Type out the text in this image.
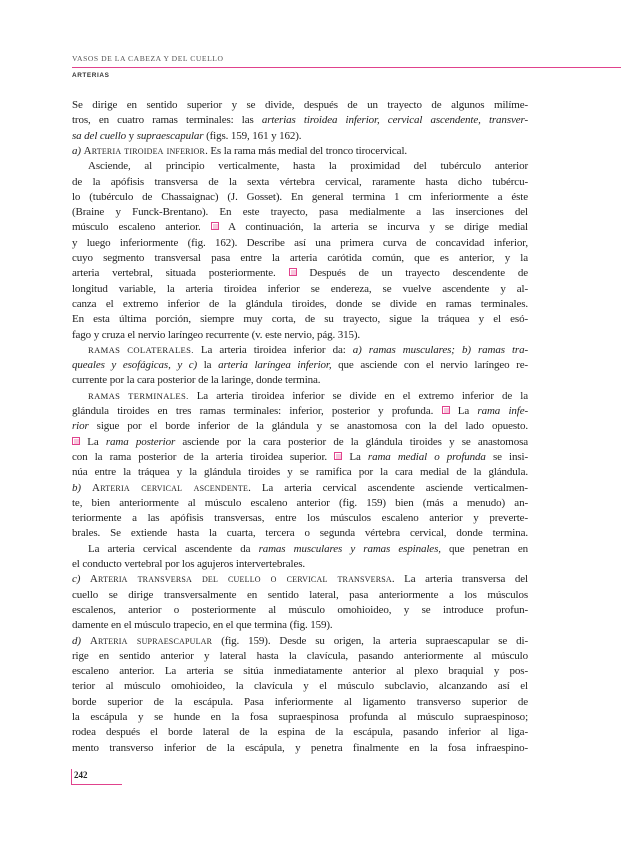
VASOS DE LA CABEZA Y DEL CUELLO
ARTERIAS
Se dirige en sentido superior y se divide, después de un trayecto de algunos milíme-
tros, en cuatro ramas terminales: las arterias tiroidea inferior, cervical ascendente, transver-
sa del cuello y supraescapular (figs. 159, 161 y 162).
a) Arteria tiroidea inferior. Es la rama más medial del tronco tirocervical.
Asciende, al principio verticalmente, hasta la proximidad del tubérculo anterior
de la apófisis transversa de la sexta vértebra cervical, raramente hasta dicho tubércu-
lo (tubérculo de Chassaignac) (J. Gosset). En general termina 1 cm inferiormente a éste
(Braine y Funck-Brentano). En este trayecto, pasa medialmente a las inserciones del
músculo escaleno anterior.  A continuación, la arteria se incurva y se dirige medial
y luego inferiormente (fig. 162). Describe así una primera curva de concavidad inferior,
cuyo segmento transversal pasa entre la arteria carótida común, que es anterior, y la
arteria vertebral, situada posteriormente.  Después de un trayecto descendente de
longitud variable, la arteria tiroidea inferior se endereza, se vuelve ascendente y al-
canza el extremo inferior de la glándula tiroides, donde se divide en ramas terminales.
En esta última porción, siempre muy corta, de su trayecto, sigue la tráquea y el esó-
fago y cruza el nervio laríngeo recurrente (v. este nervio, pág. 315).
RAMAS COLATERALES. La arteria tiroidea inferior da: a) ramas musculares; b) ramas tra-
queales y esofágicas, y c) la arteria laríngea inferior, que asciende con el nervio laríngeo re-
currente por la cara posterior de la laringe, donde termina.
RAMAS TERMINALES. La arteria tiroidea inferior se divide en el extremo inferior de la
glándula tiroides en tres ramas terminales: inferior, posterior y profunda.  La rama infe-
rior sigue por el borde inferior de la glándula y se anastomosa con la del lado opuesto.
La rama posterior asciende por la cara posterior de la glándula tiroides y se anastomosa
con la rama posterior de la arteria tiroidea superior.  La rama medial o profunda se insi-
núa entre la tráquea y la glándula tiroides y se ramifica por la cara medial de la glándula.
b) Arteria cervical ascendente. La arteria cervical ascendente asciende verticalmen-
te, bien anteriormente al músculo escaleno anterior (fig. 159) bien (más a menudo) an-
teriormente a las apófisis transversas, entre los músculos escaleno anterior y preverte-
brales. Se extiende hasta la cuarta, tercera o segunda vértebra cervical, donde termina.
La arteria cervical ascendente da ramas musculares y ramas espinales, que penetran en
el conducto vertebral por los agujeros intervertebrales.
c) Arteria transversa del cuello o cervical transversa. La arteria transversa del
cuello se dirige transversalmente en sentido lateral, pasa anteriormente a los músculos
escalenos, anterior o posteriormente al músculo omohioideo, y se introduce profun-
damente en el músculo trapecio, en el que termina (fig. 159).
d) Arteria supraescapular (fig. 159). Desde su origen, la arteria supraescapular se di-
rige en sentido anterior y lateral hasta la clavícula, pasando anteriormente al músculo
escaleno anterior. La arteria se sitúa inmediatamente anterior al plexo braquial y pos-
terior al músculo omohioideo, la clavícula y el músculo subclavio, alcanzando así el
borde superior de la escápula. Pasa inferiormente al ligamento transverso superior de
la escápula y se hunde en la fosa supraespinosa profunda al músculo supraespinoso;
rodea después el borde lateral de la espina de la escápula, pasando inferior al liga-
mento transverso inferior de la escápula, y penetra finalmente en la fosa infraespino-
242
